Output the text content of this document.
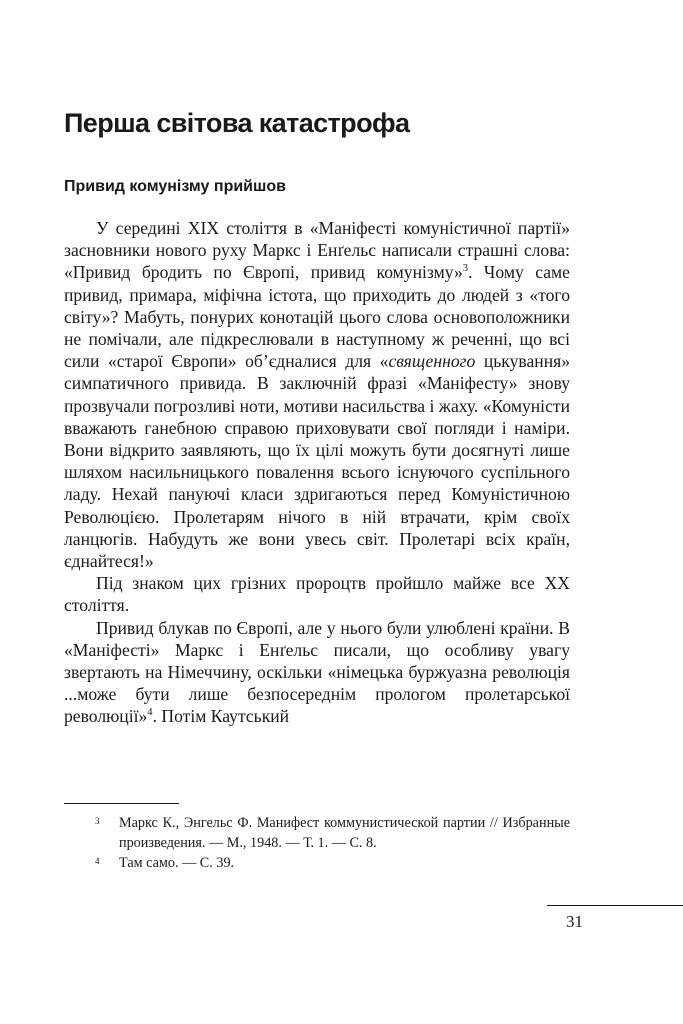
Перша світова катастрофа
Привид комунізму прийшов

У середині XIX століття в «Маніфесті комуністичної партії» засновники нового руху Маркс і Енґельс написали страшні слова: «Привид бродить по Європі, привид комунізму»$^3$. Чому саме привид, примара, міфічна істота, що приходить до людей з «того світу»? Мабуть, понурих конотацій цього слова основоположники не помічали, але підкреслювали в наступному ж реченні, що всі сили «старої Європи» об’єдналися для «священного цькування» симпатичного привида. В заключній фразі «Маніфесту» знову прозвучали погрозливі ноти, мотиви насильства і жаху. «Комуністи вважають ганебною справою приховувати свої погляди і наміри. Вони відкрито заявляють, що їх цілі можуть бути досягнуті лише шляхом насильницького повалення всього існуючого суспільного ладу. Нехай пануючі класи здригаються перед Комуністичною Революцією. Пролетарям нічого в ній втрачати, крім своїх ланцюгів. Набудуть же вони увесь світ. Пролетарі всіх країн, єднайтеся!»

Під знаком цих грізних пророцтв пройшло майже все XX століття.

Привид блукав по Європі, але у нього були улюблені країни. В «Маніфесті» Маркс і Енґельс писали, що особливу увагу звертають на Німеччину, оскільки «німецька буржуазна революція ...може бути лише безпосереднім прологом пролетарської революції»$^4$. Потім Каутський

3 Маркс К., Энгельс Ф. Манифест коммунистической партии // Избранные произведения. — М., 1948. — Т. 1. — С. 8.
4 Там само. — С. 39.
31
